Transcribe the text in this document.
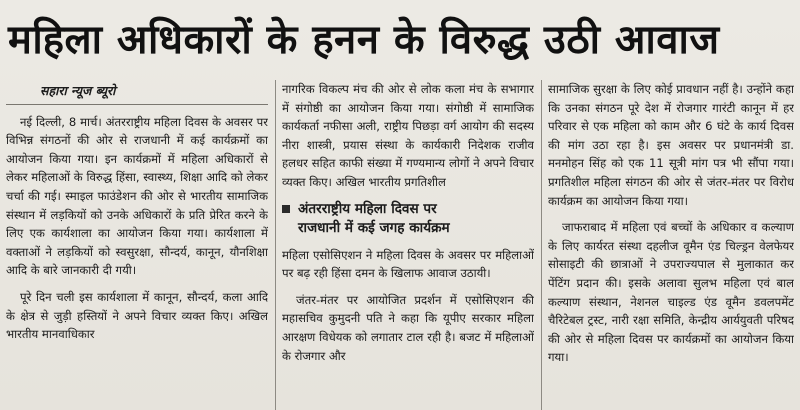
महिला अधिकारों के हनन के विरुद्ध उठी आवाज
सहारा न्यूज ब्यूरो

नई दिल्ली, 8 मार्च। अंतरराष्ट्रीय महिला दिवस के अवसर पर विभिन्न संगठनों की ओर से राजधानी में कई कार्यक्रमों का आयोजन किया गया। इन कार्यक्रमों में महिला अधिकारों से लेकर महिलाओं के विरुद्ध हिंसा, स्वास्थ्य, शिक्षा आदि को लेकर चर्चा की गई। स्माइल फाउंडेशन की ओर से भारतीय सामाजिक संस्थान में लड़कियों को उनके अधिकारों के प्रति प्रेरित करने के लिए एक कार्यशाला का आयोजन किया गया। कार्यशाला में वक्ताओं ने लड़कियों को स्वसुरक्षा, सौन्दर्य, कानून, यौनशिक्षा आदि के बारे जानकारी दी गयी।

पूरे दिन चली इस कार्यशाला में कानून, सौन्दर्य, कला आदि के क्षेत्र से जुड़ी हस्तियों ने अपने विचार व्यक्त किए। अखिल भारतीय मानवाधिकार

नागरिक विकल्प मंच की ओर से लोक कला मंच के सभागार में संगोष्ठी का आयोजन किया गया। संगोष्ठी में सामाजिक कार्यकर्ता नफीसा अली, राष्ट्रीय पिछड़ा वर्ग आयोग की सदस्य नीरा शास्त्री, प्रयास संस्था के कार्यकारी निदेशक राजीव हलधर सहित काफी संख्या में गण्यमान्य लोगों ने अपने विचार व्यक्त किए। अखिल भारतीय प्रगतिशील

अंतरराष्ट्रीय महिला दिवस पर
राजधानी में कई जगह कार्यक्रम

महिला एसोसिएशन ने महिला दिवस के अवसर पर महिलाओं पर बढ़ रही हिंसा दमन के खिलाफ आवाज उठायी।

जंतर-मंतर पर आयोजित प्रदर्शन में एसोसिएशन की महासचिव कुमुदनी पति ने कहा कि यूपीए सरकार महिला आरक्षण विधेयक को लगातार टाल रही है। बजट में महिलाओं के रोजगार और

सामाजिक सुरक्षा के लिए कोई प्रावधान नहीं है। उन्होंने कहा कि उनका संगठन पूरे देश में रोजगार गारंटी कानून में हर परिवार से एक महिला को काम और 6 घंटे के कार्य दिवस की मांग उठा रहा है। इस अवसर पर प्रधानमंत्री डा. मनमोहन सिंह को एक 11 सूत्री मांग पत्र भी सौंपा गया। प्रगतिशील महिला संगठन की ओर से जंतर-मंतर पर विरोध कार्यक्रम का आयोजन किया गया।

जाफराबाद में महिला एवं बच्चों के अधिकार व कल्याण के लिए कार्यरत संस्था दहलीज वूमैन एंड चिल्ड्रन वेलफेयर सोसाइटी की छात्राओं ने उपराज्यपाल से मुलाकात कर पेंटिंग प्रदान की। इसके अलावा सुलभ महिला एवं बाल कल्याण संस्थान, नेशनल चाइल्ड एंड वूमैन डवलपमेंट चैरिटेबल ट्रस्ट, नारी रक्षा समिति, केन्द्रीय आर्ययुवती परिषद की ओर से महिला दिवस पर कार्यक्रमों का आयोजन किया गया।
